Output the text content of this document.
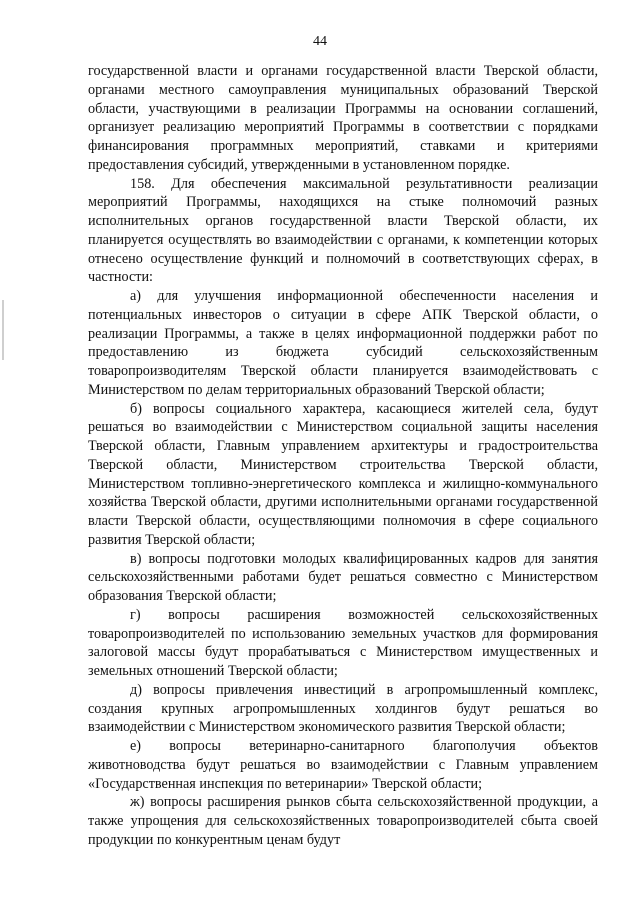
44

государственной власти и органами государственной власти Тверской области, органами местного самоуправления муниципальных образований Тверской области, участвующими в реализации Программы на основании соглашений, организует реализацию мероприятий Программы в соответствии с порядками финансирования программных мероприятий, ставками и критериями предоставления субсидий, утвержденными в установленном порядке.

158. Для обеспечения максимальной результативности реализации мероприятий Программы, находящихся на стыке полномочий разных исполнительных органов государственной власти Тверской области, их планируется осуществлять во взаимодействии с органами, к компетенции которых отнесено осуществление функций и полномочий в соответствующих сферах, в частности:

а) для улучшения информационной обеспеченности населения и потенциальных инвесторов о ситуации в сфере АПК Тверской области, о реализации Программы, а также в целях информационной поддержки работ по предоставлению из бюджета субсидий сельскохозяйственным товаропроизводителям Тверской области планируется взаимодействовать с Министерством по делам территориальных образований Тверской области;

б) вопросы социального характера, касающиеся жителей села, будут решаться во взаимодействии с Министерством социальной защиты населения Тверской области, Главным управлением архитектуры и градостроительства Тверской области, Министерством строительства Тверской области, Министерством топливно-энергетического комплекса и жилищно-коммунального хозяйства Тверской области, другими исполнительными органами государственной власти Тверской области, осуществляющими полномочия в сфере социального развития Тверской области;

в) вопросы подготовки молодых квалифицированных кадров для занятия сельскохозяйственными работами будет решаться совместно с Министерством образования Тверской области;

г) вопросы расширения возможностей сельскохозяйственных товаропроизводителей по использованию земельных участков для формирования залоговой массы будут прорабатываться с Министерством имущественных и земельных отношений Тверской области;

д) вопросы привлечения инвестиций в агропромышленный комплекс, создания крупных агропромышленных холдингов будут решаться во взаимодействии с Министерством экономического развития Тверской области;

е) вопросы ветеринарно-санитарного благополучия объектов животноводства будут решаться во взаимодействии с Главным управлением «Государственная инспекция по ветеринарии» Тверской области;

ж) вопросы расширения рынков сбыта сельскохозяйственной продукции, а также упрощения для сельскохозяйственных товаропроизводителей сбыта своей продукции по конкурентным ценам будут
